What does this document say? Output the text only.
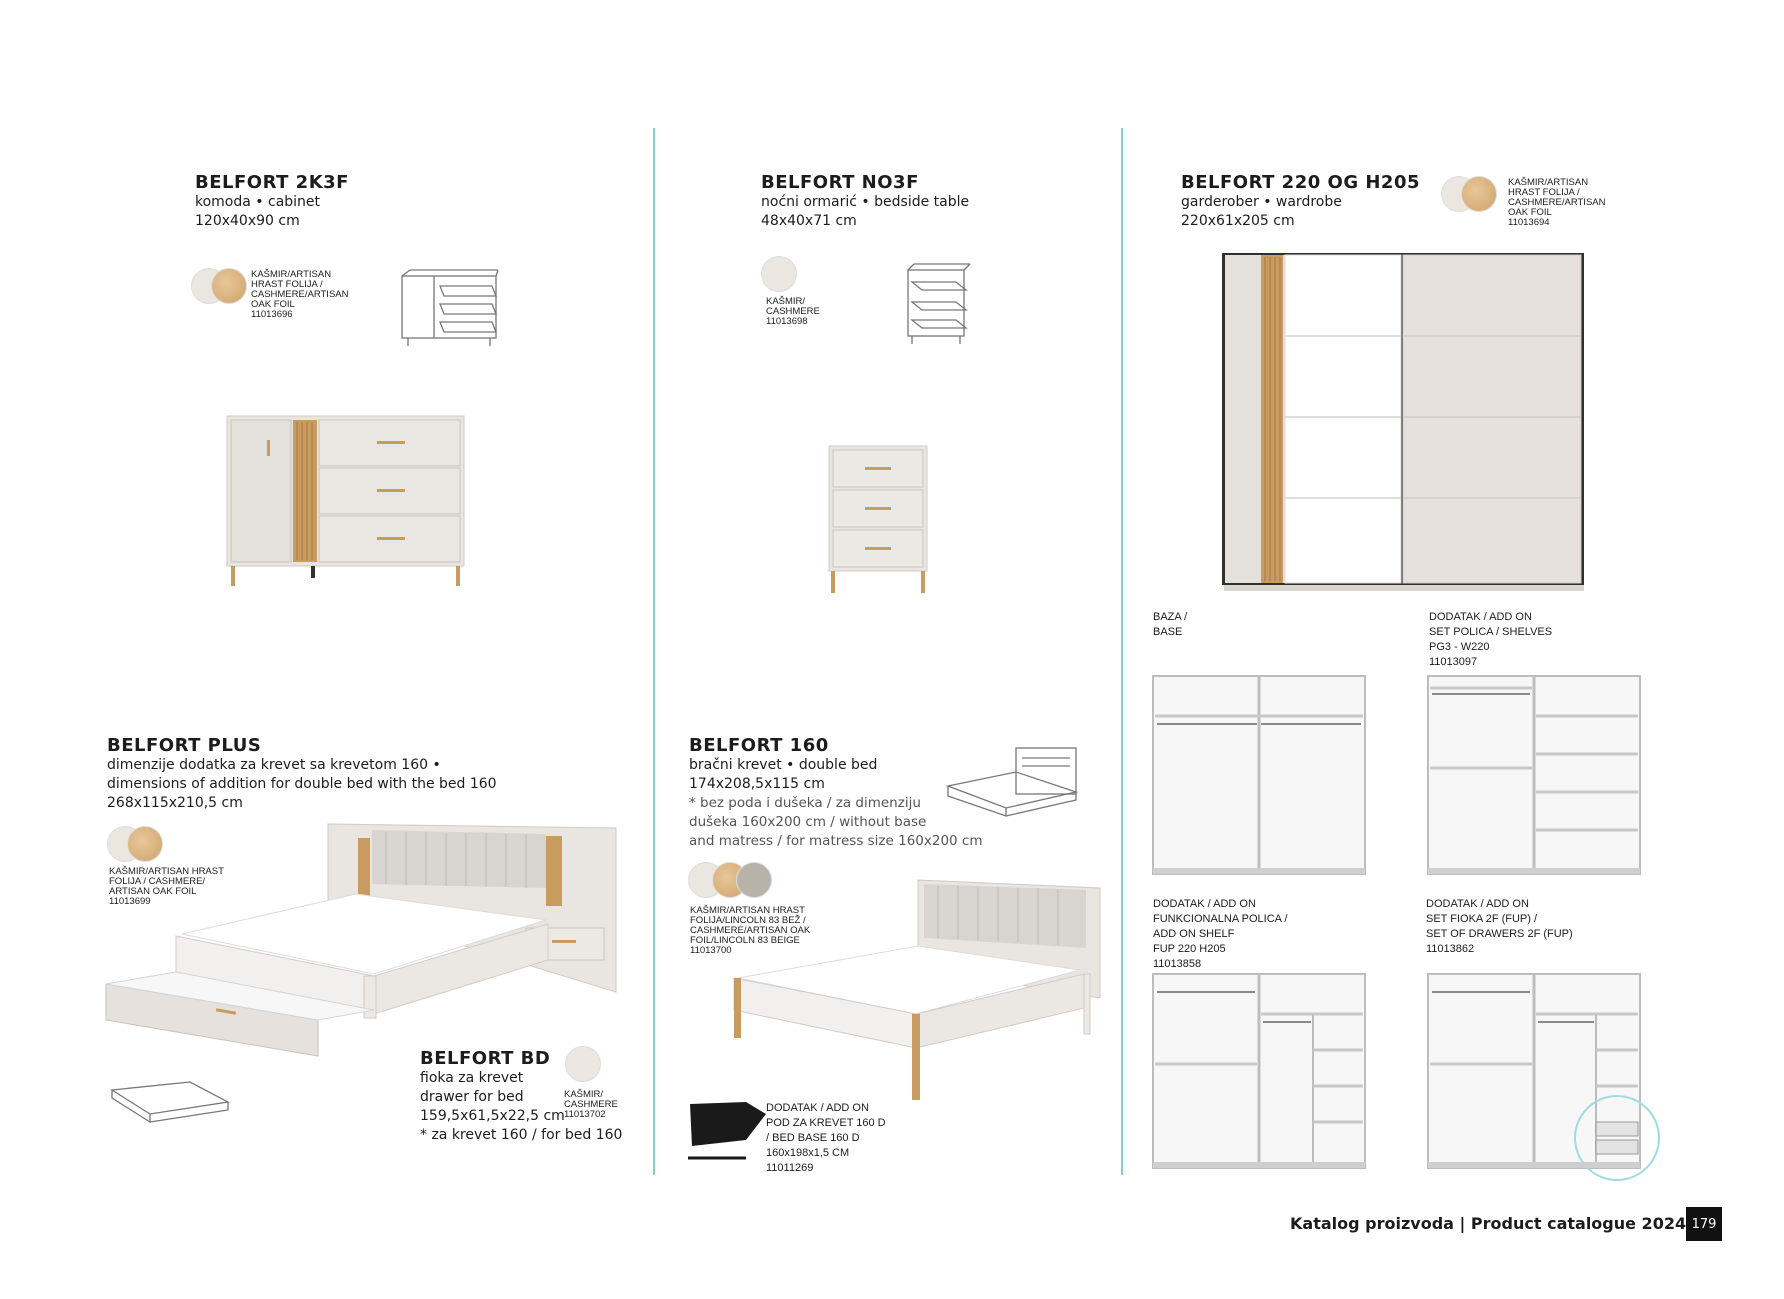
BELFORT 2K3F
komoda • cabinet
120x40x90 cm
KAŠMIR/ARTISAN
HRAST FOLIJA /
CASHMERE/ARTISAN
OAK FOIL
11013696
BELFORT NO3F
noćni ormarić • bedside table
48x40x71 cm
KAŠMIR/
CASHMERE
11013698
BELFORT 220 OG H205
garderober • wardrobe
220x61x205 cm
KAŠMIR/ARTISAN
HRAST FOLIJA /
CASHMERE/ARTISAN
OAK FOIL
11013694
BAZA /
BASE
DODATAK / ADD ON
SET POLICA / SHELVES
PG3 - W220
11013097
DODATAK / ADD ON
FUNKCIONALNA POLICA /
ADD ON SHELF
FUP 220 H205
11013858
DODATAK / ADD ON
SET FIOKA 2F (FUP) /
SET OF DRAWERS 2F (FUP)
11013862
BELFORT PLUS
dimenzije dodatka za krevet sa krevetom 160 •
dimensions of addition for double bed with the bed 160
268x115x210,5 cm
KAŠMIR/ARTISAN HRAST
FOLIJA / CASHMERE/
ARTISAN OAK FOIL
11013699
BELFORT BD
fioka za krevet
drawer for bed
159,5x61,5x22,5 cm
* za krevet 160 / for bed 160
KAŠMIR/
CASHMERE
11013702
BELFORT 160
bračni krevet • double bed
174x208,5x115 cm
* bez poda i dušeka / za dimenziju
dušeka 160x200 cm / without base
and matress / for matress size 160x200 cm
KAŠMIR/ARTISAN HRAST
FOLIJA/LINCOLN 83 BEŽ /
CASHMERE/ARTISAN OAK
FOIL/LINCOLN 83 BEIGE
11013700
DODATAK / ADD ON
POD ZA KREVET 160 D
/ BED BASE 160 D
160x198x1,5 CM
11011269
Katalog proizvoda | Product catalogue 2024 179
